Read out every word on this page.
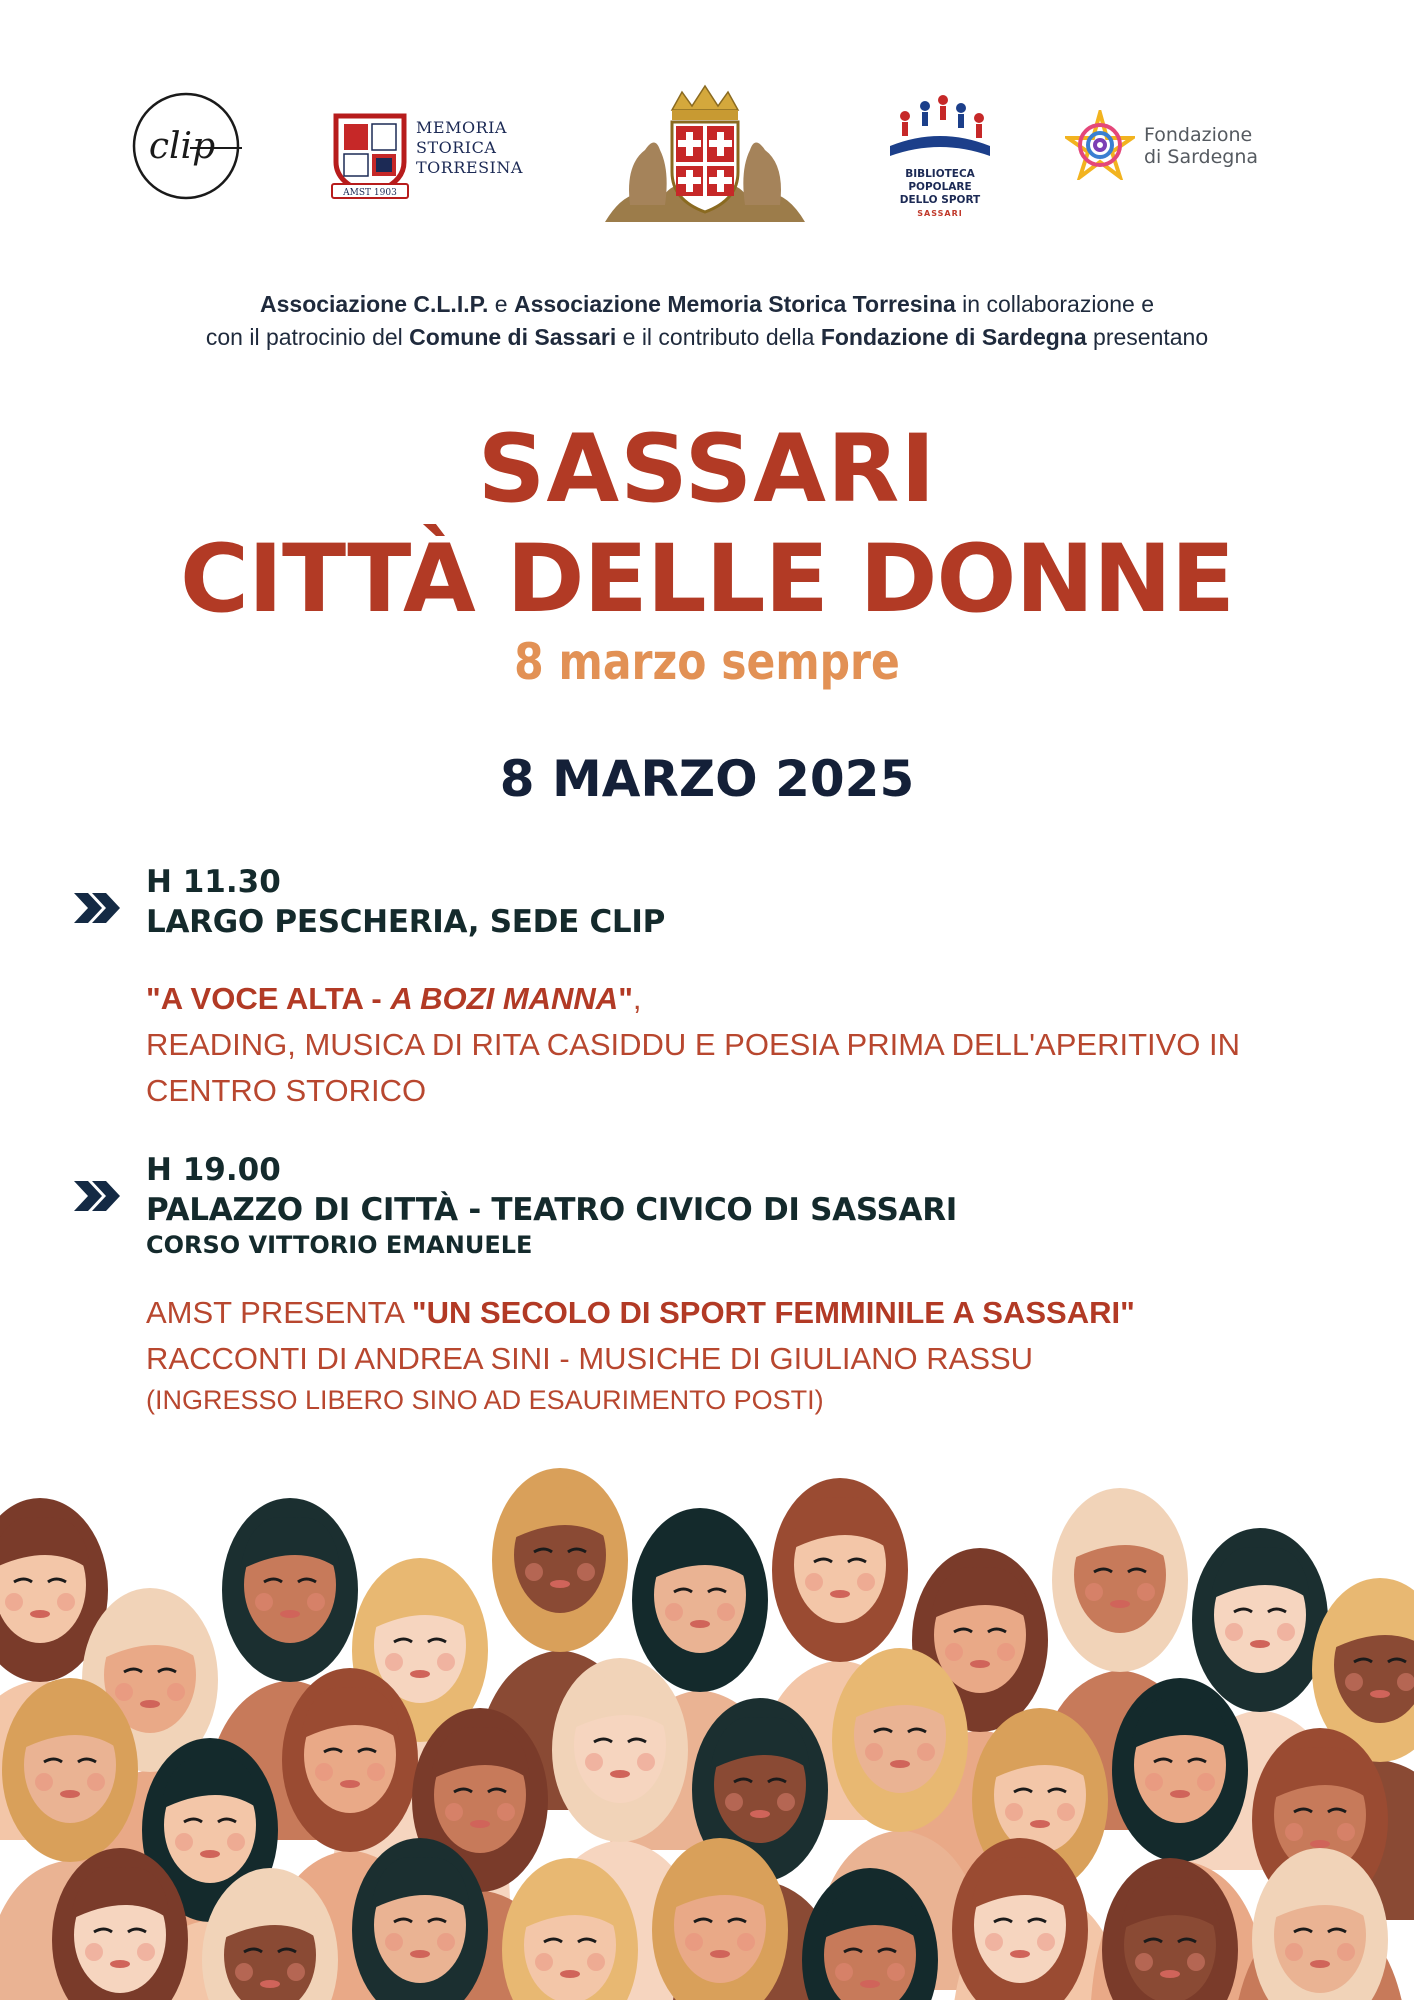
clip
AMST 1903
MEMORIA
STORICA
TORRESINA	BIBLIOTECA POPOLARE
DELLO SPORT
SASSARI
Fondazione
di Sardegna
Associazione C.L.I.P. e Associazione Memoria Storica Torresina in collaborazione e
con il patrocinio del Comune di Sassari e il contributo della Fondazione di Sardegna presentano
SASSARI
CITTÀ DELLE DONNE
8 marzo sempre
8 MARZO 2025
H 11.30
LARGO PESCHERIA, SEDE CLIP
"A VOCE ALTA - A BOZI MANNA",
READING, MUSICA DI RITA CASIDDU E POESIA PRIMA DELL'APERITIVO IN
CENTRO STORICO
H 19.00
PALAZZO DI CITTÀ - TEATRO CIVICO DI SASSARI
CORSO VITTORIO EMANUELE
AMST PRESENTA "UN SECOLO DI SPORT FEMMINILE A SASSARI"
RACCONTI DI ANDREA SINI - MUSICHE DI GIULIANO RASSU
(INGRESSO LIBERO SINO AD ESAURIMENTO POSTI)
